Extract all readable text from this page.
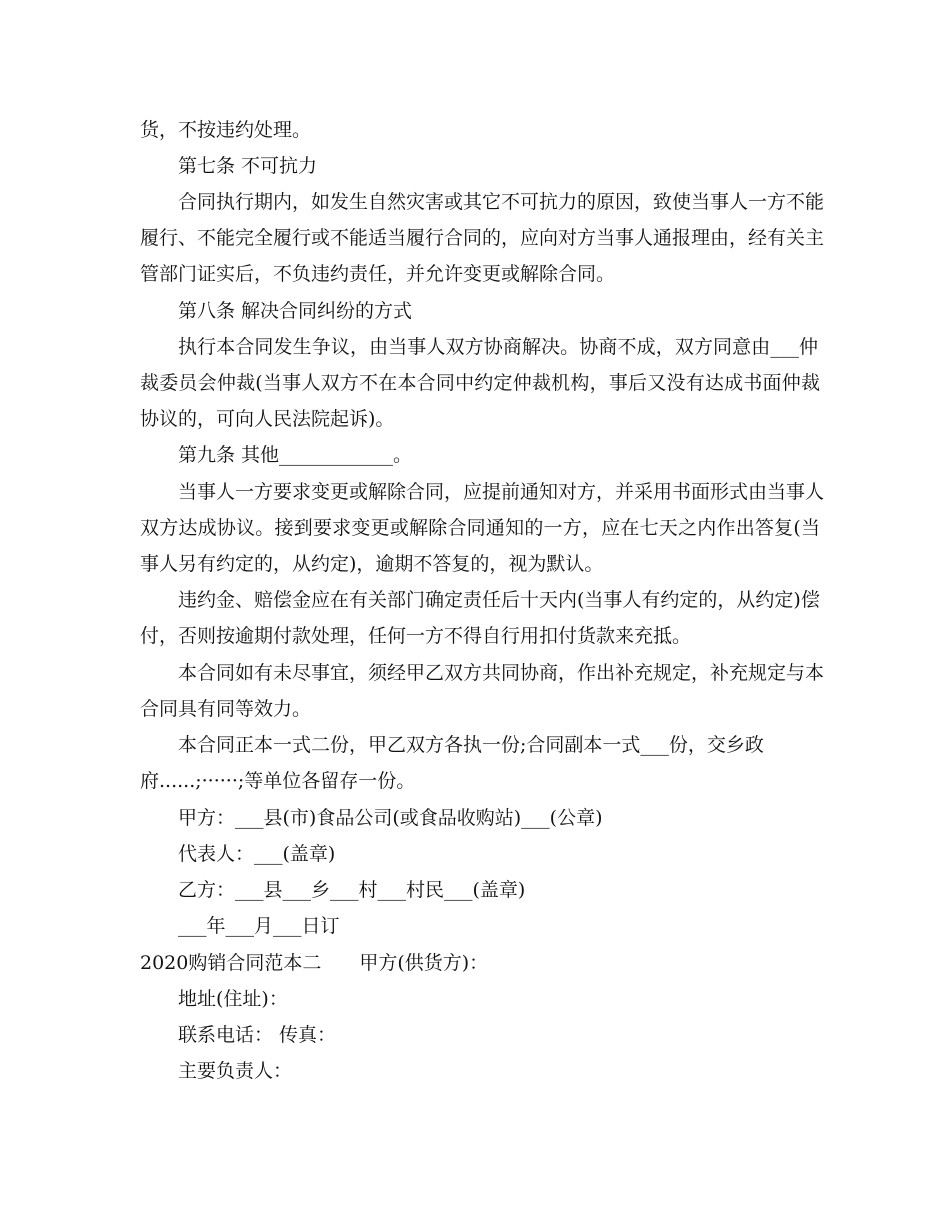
货，不按违约处理。
第七条 不可抗力
合同执行期内，如发生自然灾害或其它不可抗力的原因，致使当事人一方不能
履行、不能完全履行或不能适当履行合同的，应向对方当事人通报理由，经有关主
管部门证实后，不负违约责任，并允许变更或解除合同。
第八条 解决合同纠纷的方式
执行本合同发生争议，由当事人双方协商解决。协商不成，双方同意由___仲
裁委员会仲裁(当事人双方不在本合同中约定仲裁机构，事后又没有达成书面仲裁
协议的，可向人民法院起诉)。
第九条 其他____________。
当事人一方要求变更或解除合同，应提前通知对方，并采用书面形式由当事人
双方达成协议。接到要求变更或解除合同通知的一方，应在七天之内作出答复(当
事人另有约定的，从约定)，逾期不答复的，视为默认。
违约金、赔偿金应在有关部门确定责任后十天内(当事人有约定的，从约定)偿
付，否则按逾期付款处理，任何一方不得自行用扣付货款来充抵。
本合同如有未尽事宜，须经甲乙双方共同协商，作出补充规定，补充规定与本
合同具有同等效力。
本合同正本一式二份，甲乙双方各执一份;合同副本一式___份，交乡政
府......;······;等单位各留存一份。
甲方：___县(市)食品公司(或食品收购站)___(公章)
代表人：___(盖章)
乙方：___县___乡___村___村民___(盖章)
___年___月___日订
2020购销合同范本二　　甲方(供货方)：
地址(住址)：
联系电话： 传真：
主要负责人：
